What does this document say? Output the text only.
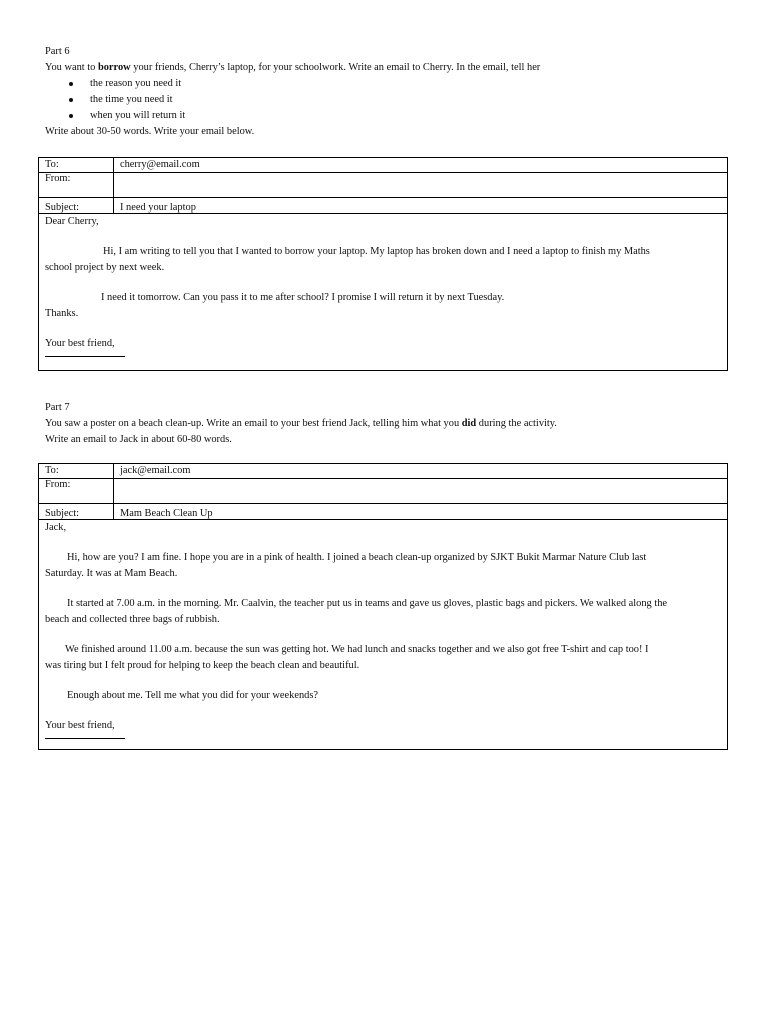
Part 6
You want to borrow your friends, Cherry’s laptop, for your schoolwork. Write an email to Cherry. In the email, tell her
the reason you need it
the time you need it
when you will return it
Write about 30-50 words. Write your email below.
To:	cherry@email.com
From:
Subject:	I need your laptop

Dear Cherry,

Hi, I am writing to tell you that I wanted to borrow your laptop. My laptop has broken down and I need a laptop to finish my Maths

school project by next week.

I need it tomorrow. Can you pass it to me after school? I promise I will return it by next Tuesday.

Thanks.

Your best friend,

Part 7
You saw a poster on a beach clean-up. Write an email to your best friend Jack, telling him what you did during the activity.
Write an email to Jack in about 60-80 words.
To:	jack@email.com
From:
Subject:	Mam Beach Clean Up

Jack,

Hi, how are you? I am fine. I hope you are in a pink of health. I joined a beach clean-up organized by SJKT Bukit Marmar Nature Club last

Saturday. It was at Mam Beach.

It started at 7.00 a.m. in the morning. Mr. Caalvin, the teacher put us in teams and gave us gloves, plastic bags and pickers. We walked along the

beach and collected three bags of rubbish.

We finished around 11.00 a.m. because the sun was getting hot. We had lunch and snacks together and we also got free T-shirt and cap too! I

was tiring but I felt proud for helping to keep the beach clean and beautiful.

Enough about me. Tell me what you did for your weekends?

Your best friend,
